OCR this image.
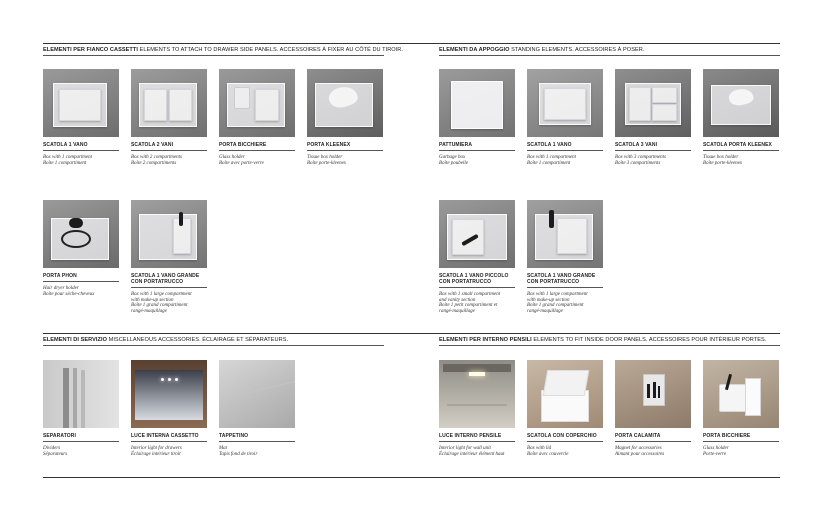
ELEMENTI PER FIANCO CASSETTI ELEMENTS TO ATTACH TO DRAWER SIDE PANELS. ACCESSOIRES À FIXER AU CÔTÉ DU TIROIR.	ELEMENTI DA APPOGGIO STANDING ELEMENTS. ACCESSOIRES À POSER.
ELEMENTI DI SERVIZIO MISCELLANEOUS ACCESSORIES. ÉCLAIRAGE ET SÉPARATEURS.	ELEMENTI PER INTERNO PENSILI ELEMENTS TO FIT INSIDE DOOR PANELS. ACCESSOIRES POUR INTÉRIEUR PORTES.
SCATOLA 1 VANO
Box with 1 compartment
Boîte 1 compartiment
SCATOLA 2 VANI
Box with 2 compartments
Boîte 2 compartiments
PORTA BICCHIERE
Glass holder
Boîte avec porte-verre
PORTA KLEENEX
Tissue box holder
Boîte porte-kleenex
PORTA PHON
Hair dryer holder
Boîte pour sèche-cheveux
SCATOLA 1 VANO GRANDE
CON PORTATRUCCO
Box with 1 large compartment
with make-up section
Boîte 1 grand compartiment
rangé-maquillage
PATTUMIERA
Garbage box
Boîte poubelle
SCATOLA 1 VANO
Box with 1 compartment
Boîte 1 compartiment
SCATOLA 3 VANI
Box with 3 compartments
Boîte 3 compartiments
SCATOLA PORTA KLEENEX
Tissue box holder
Boîte porte-kleenex
SCATOLA 1 VANO PICCOLO
CON PORTATRUCCO
Box with 1 small compartment
and vanity section
Boîte 1 petit compartiment et
rangé-maquillage
SCATOLA 1 VANO GRANDE
CON PORTATRUCCO
Box with 1 large compartment
with make-up section
Boîte 1 grand compartiment
rangé-maquillage
SEPARATORI
Dividers
Séparateurs
LUCE INTERNA CASSETTO
Interior light for drawers
Éclairage intérieur tiroir
TAPPETINO
Mat
Tapis fond de tiroir
LUCE INTERNO PENSILE
Interior light for wall unit
Éclairage intérieur élément haut
SCATOLA CON COPERCHIO
Box with lid
Boîte avec couvercle
PORTA CALAMITA
Magnet for accessories
Aimant pour accessoires
PORTA BICCHIERE
Glass holder
Porte-verre
